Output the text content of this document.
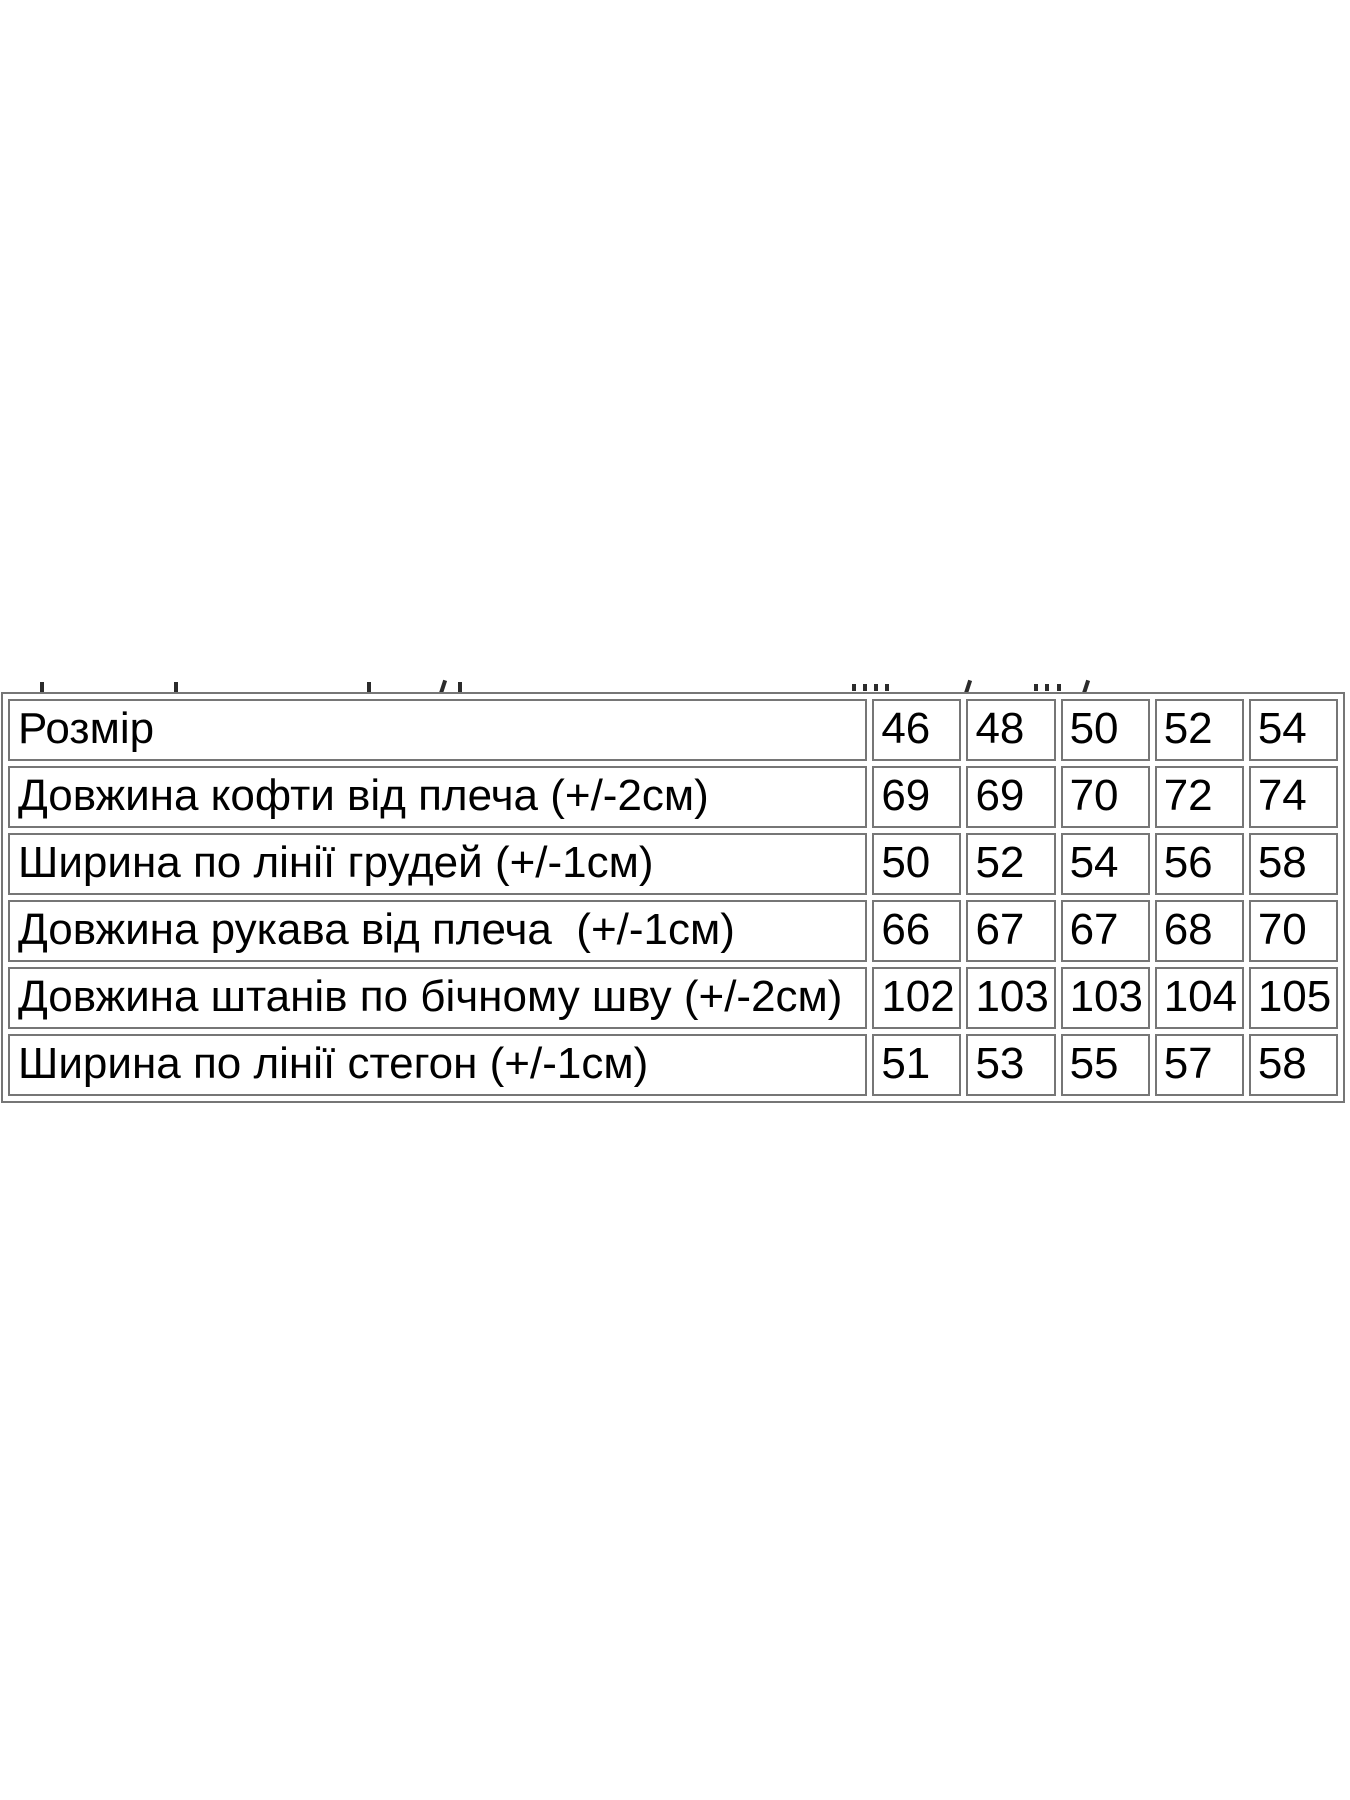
Розмір	46	48	50	52	54
Довжина кофти від плеча (+/-2см)	69	69	70	72	74
Ширина по лінії грудей (+/-1см)	50	52	54	56	58
Довжина рукава від плеча  (+/-1см)	66	67	67	68	70
Довжина штанів по бічному шву (+/-2см)	102	103	103	104	105
Ширина по лінії стегон (+/-1см)	51	53	55	57	58
